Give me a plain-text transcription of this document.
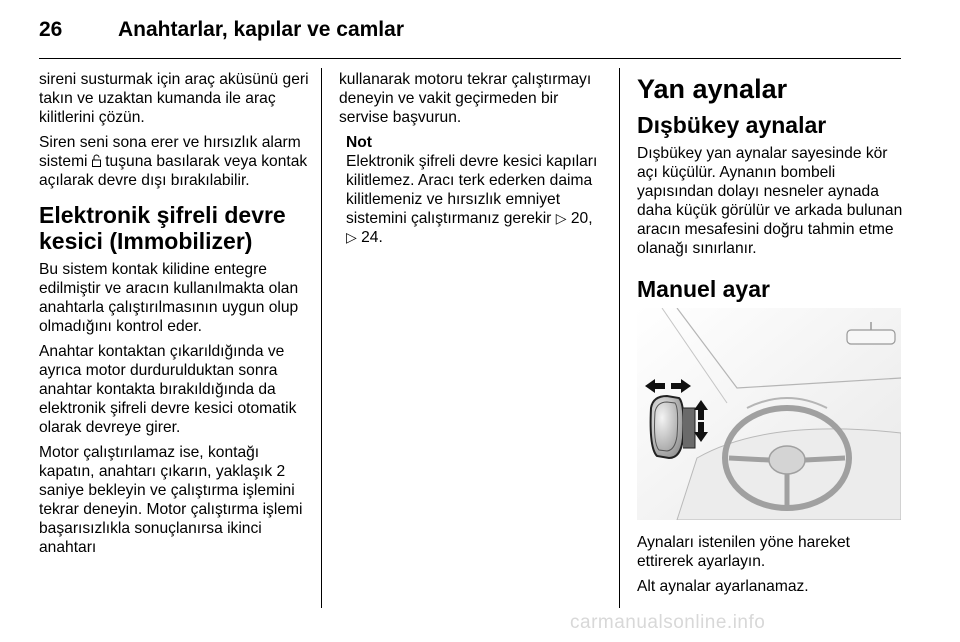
26	Anahtarlar, kapılar ve camlar

sireni susturmak için araç aküsünü geri takın ve uzaktan kumanda ile araç kilitlerini çözün.

Siren seni sona erer ve hırsızlık alarm sistemi tuşuna basılarak veya kontak açılarak devre dışı bırakılabilir.

Elektronik şifreli devre kesici (Immobilizer)

Bu sistem kontak kilidine entegre edilmiştir ve aracın kullanılmakta olan anahtarla çalıştırılmasının uygun olup olmadığını kontrol eder.

Anahtar kontaktan çıkarıldığında ve ayrıca motor durdurulduktan sonra anahtar kontakta bırakıldığında da elektronik şifreli devre kesici otomatik olarak devreye girer.

Motor çalıştırılamaz ise, kontağı kapatın, anahtarı çıkarın, yaklaşık 2 saniye bekleyin ve çalıştırma işlemini tekrar deneyin. Motor çalıştırma işlemi başarısızlıkla sonuçlanırsa ikinci anahtarı

kullanarak motoru tekrar çalıştırmayı deneyin ve vakit geçirmeden bir servise başvurun.

Not
Elektronik şifreli devre kesici kapıları kilitlemez. Aracı terk ederken daima kilitlemeniz ve hırsızlık emniyet sistemini çalıştırmanız gerekir ▷ 20,
▷ 24.
Yan aynalar
Dışbükey aynalar

Dışbükey yan aynalar sayesinde kör açı küçülür. Aynanın bombeli yapısından dolayı nesneler aynada daha küçük görülür ve arkada bulunan aracın mesafesini doğru tahmin etme olanağı sınırlanır.

Manuel ayar

Aynaları istenilen yöne hareket ettirerek ayarlayın.

Alt aynalar ayarlanamaz.

carmanualsonline.info
